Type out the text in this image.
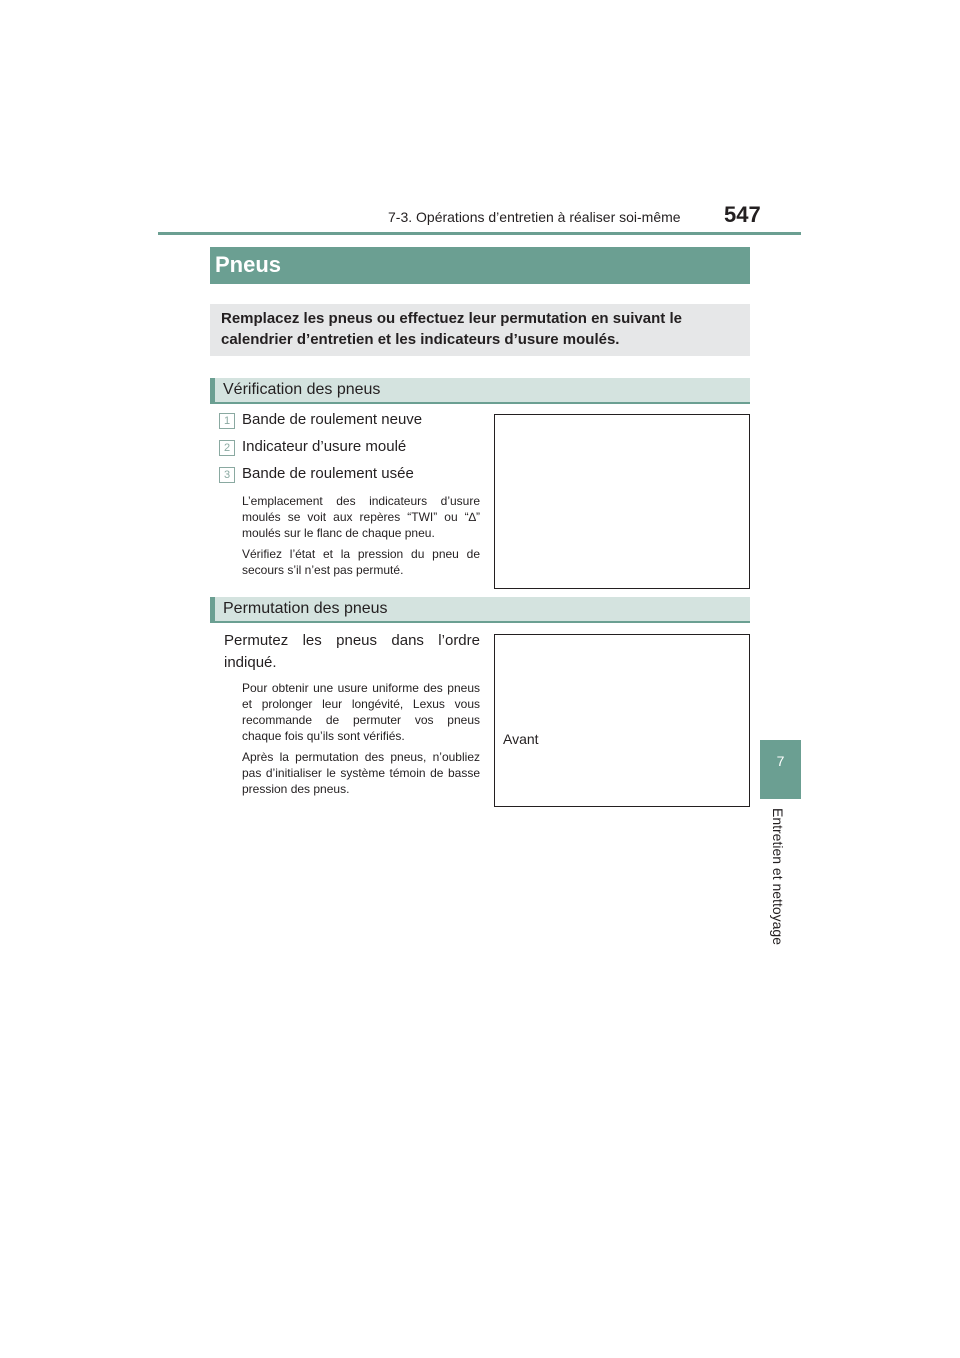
7-3. Opérations d’entretien à réaliser soi-même 547
7
Entretien et nettoyage
Pneus
Remplacez les pneus ou effectuez leur permutation en suivant le calendrier d’entretien et les indicateurs d’usure moulés.
Vérification des pneus
1 Bande de roulement neuve
2 Indicateur d’usure moulé
3 Bande de roulement usée
L’emplacement des indicateurs d’usure moulés se voit aux repères “TWI” ou “∆” moulés sur le flanc de chaque pneu.
Vérifiez l’état et la pression du pneu de secours s’il n’est pas permuté.
Permutation des pneus
Permutez les pneus dans l’ordre indiqué.
Pour obtenir une usure uniforme des pneus et prolonger leur longévité, Lexus vous recommande de permuter vos pneus chaque fois qu’ils sont vérifiés.
Après la permutation des pneus, n’oubliez pas d’initialiser le système témoin de basse pression des pneus.
Avant
